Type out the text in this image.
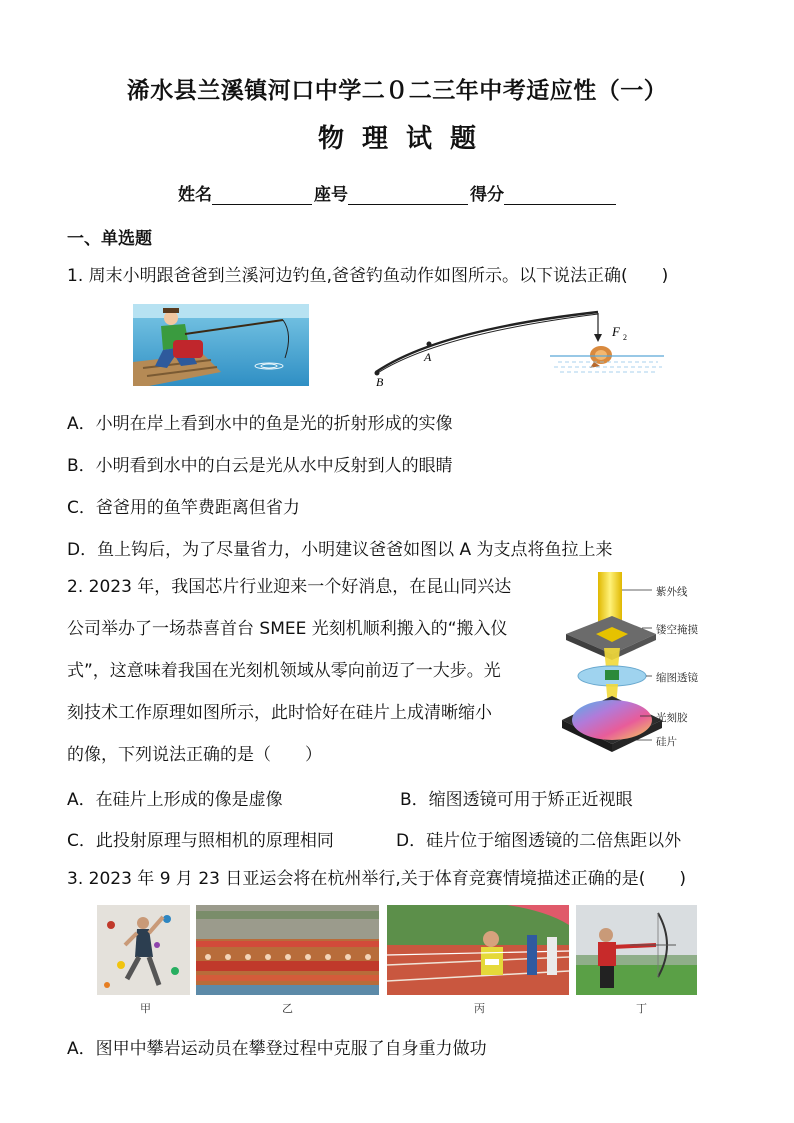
浠水县兰溪镇河口中学二０二三年中考适应性（一）
物理试题
姓名	座号	得分
一、单选题
1. 周末小明跟爸爸到兰溪河边钓鱼,爸爸钓鱼动作如图所示。以下说法正确(　　)
F 2
A
B
A．小明在岸上看到水中的鱼是光的折射形成的实像
B．小明看到水中的白云是光从水中反射到人的眼睛
C．爸爸用的鱼竿费距离但省力
D．鱼上钩后，为了尽量省力，小明建议爸爸如图以 A 为支点将鱼拉上来
2. 2023 年，我国芯片行业迎来一个好消息，在昆山同兴达
公司举办了一场恭喜首台 SMEE 光刻机顺利搬入的“搬入仪
式”，这意味着我国在光刻机领域从零向前迈了一大步。光
刻技术工作原理如图所示，此时恰好在硅片上成清晰缩小
的像，下列说法正确的是（　　）
紫外线
镂空掩摸
缩图透镜
光刻胶
硅片
A．在硅片上形成的像是虚像	B．缩图透镜可用于矫正近视眼
C．此投射原理与照相机的原理相同	D．硅片位于缩图透镜的二倍焦距以外
3. 2023 年 9 月 23 日亚运会将在杭州举行,关于体育竞赛情境描述正确的是(　　)
甲	乙	丙	丁
A．图甲中攀岩运动员在攀登过程中克服了自身重力做功
